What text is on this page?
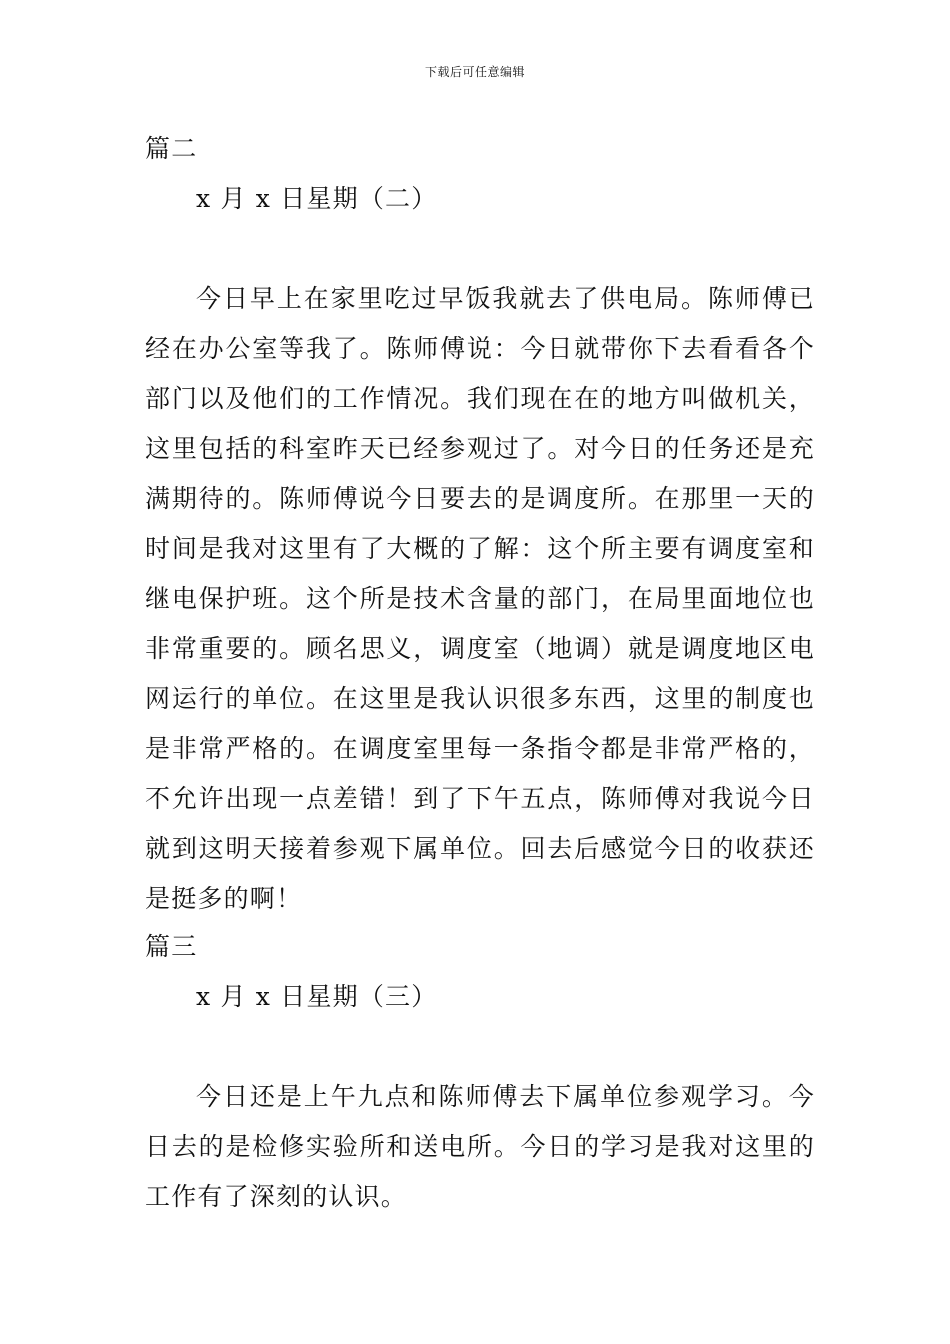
下载后可任意编辑
篇二
x 月 x 日星期（二）

今日早上在家里吃过早饭我就去了供电局。陈师傅已经在办公室等我了。陈师傅说：今日就带你下去看看各个部门以及他们的工作情况。我们现在在的地方叫做机关，这里包括的科室昨天已经参观过了。对今日的任务还是充满期待的。陈师傅说今日要去的是调度所。在那里一天的时间是我对这里有了大概的了解：这个所主要有调度室和继电保护班。这个所是技术含量的部门，在局里面地位也非常重要的。顾名思义，调度室（地调）就是调度地区电网运行的单位。在这里是我认识很多东西，这里的制度也是非常严格的。在调度室里每一条指令都是非常严格的，不允许出现一点差错！到了下午五点，陈师傅对我说今日就到这明天接着参观下属单位。回去后感觉今日的收获还是挺多的啊！

篇三
x 月 x 日星期（三）

今日还是上午九点和陈师傅去下属单位参观学习。今日去的是检修实验所和送电所。今日的学习是我对这里的工作有了深刻的认识。
